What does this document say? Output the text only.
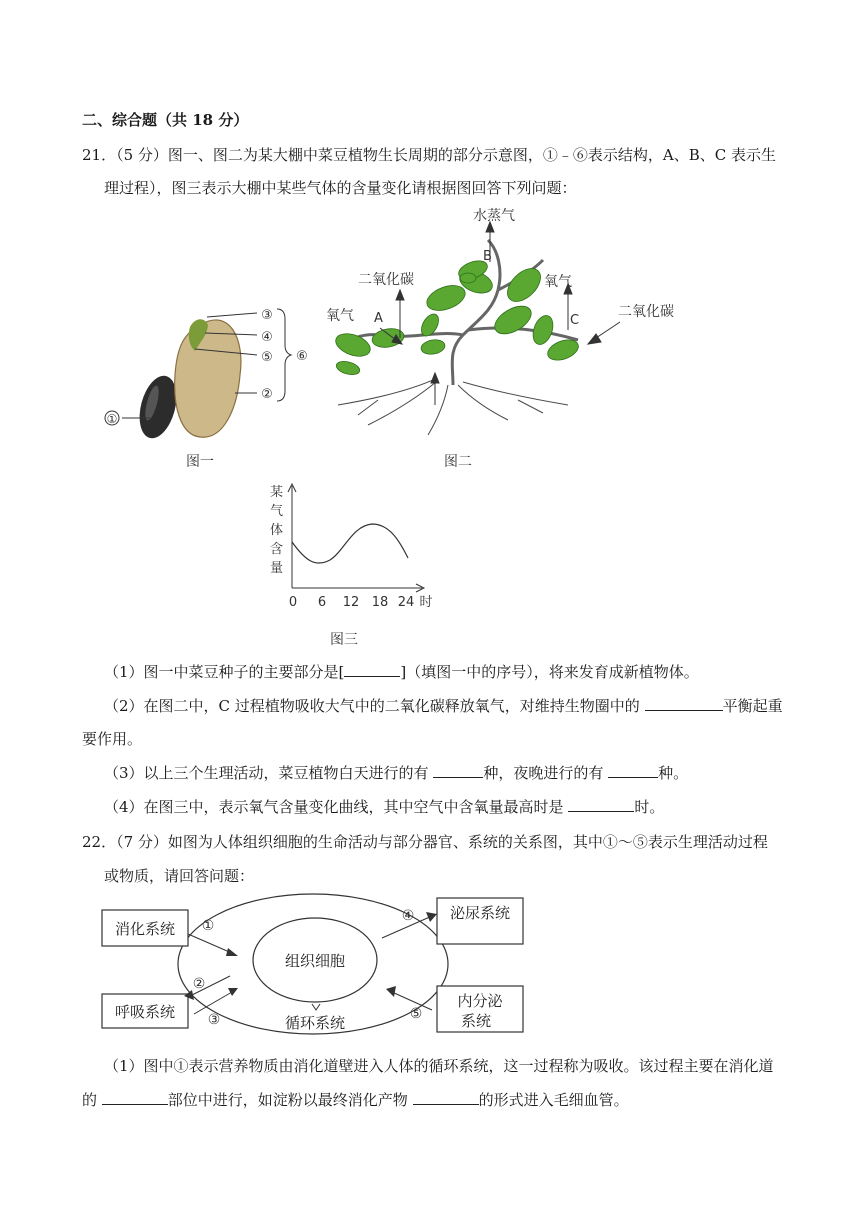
二、综合题（共 18 分）
21．（5 分）图一、图二为某大棚中菜豆植物生长周期的部分示意图，①﹣⑥表示结构，A、B、C 表示生
理过程），图三表示大棚中某些气体的含量变化请根据图回答下列问题：
①
③
④
⑤
②
⑥
图一
水蒸气
B
二氧化碳
氧气 A
氧气
C
二氧化碳
图二
某
气
体
含
量
0 6 12 18 24 时
图三
（1）图一中菜豆种子的主要部分是[	]（填图一中的序号），将来发育成新植物体。
（2）在图二中，C 过程植物吸收大气中的二氧化碳释放氧气，对维持生物圈中的	平衡起重
要作用。
（3）以上三个生理活动，菜豆植物白天进行的有	种，夜晚进行的有	种。
（4）在图三中，表示氧气含量变化曲线，其中空气中含氧量最高时是	时。
22．（7 分）如图为人体组织细胞的生命活动与部分器官、系统的关系图，其中①～⑤表示生理活动过程
或物质，请回答问题：
组织细胞
循环系统
消化系统 ①
呼吸系统
②
③
泌尿系统
④
内分泌
系统
⑤
（1）图中①表示营养物质由消化道壁进入人体的循环系统，这一过程称为吸收。该过程主要在消化道
的	部位中进行，如淀粉以最终消化产物	的形式进入毛细血管。
